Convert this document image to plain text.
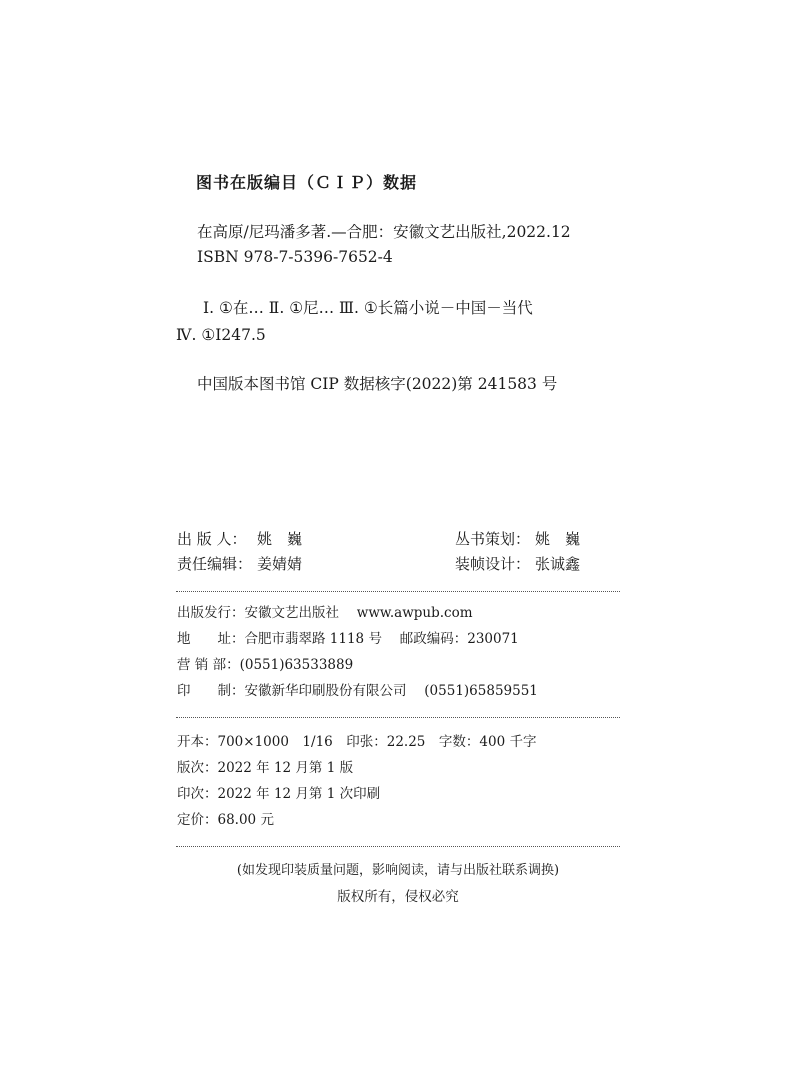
图书在版编目（ＣＩＰ）数据
在高原/尼玛潘多著.—合肥：安徽文艺出版社,2022.12
ISBN 978-7-5396-7652-4
Ⅰ. ①在… Ⅱ. ①尼… Ⅲ. ①长篇小说－中国－当代
Ⅳ. ①I247.5
中国版本图书馆 CIP 数据核字(2022)第 241583 号
出 版 人： 姚　巍	丛书策划： 姚　巍
责任编辑： 姜婧婧	装帧设计： 张诚鑫
出版发行：安徽文艺出版社　 www.awpub.com
地　　址：合肥市翡翠路 1118 号　 邮政编码：230071
营 销 部：(0551)63533889
印　　制：安徽新华印刷股份有限公司　 (0551)65859551
开本：700×1000　1/16　印张：22.25　字数：400 千字
版次：2022 年 12 月第 1 版
印次：2022 年 12 月第 1 次印刷
定价：68.00 元
(如发现印装质量问题，影响阅读，请与出版社联系调换)
版权所有，侵权必究
